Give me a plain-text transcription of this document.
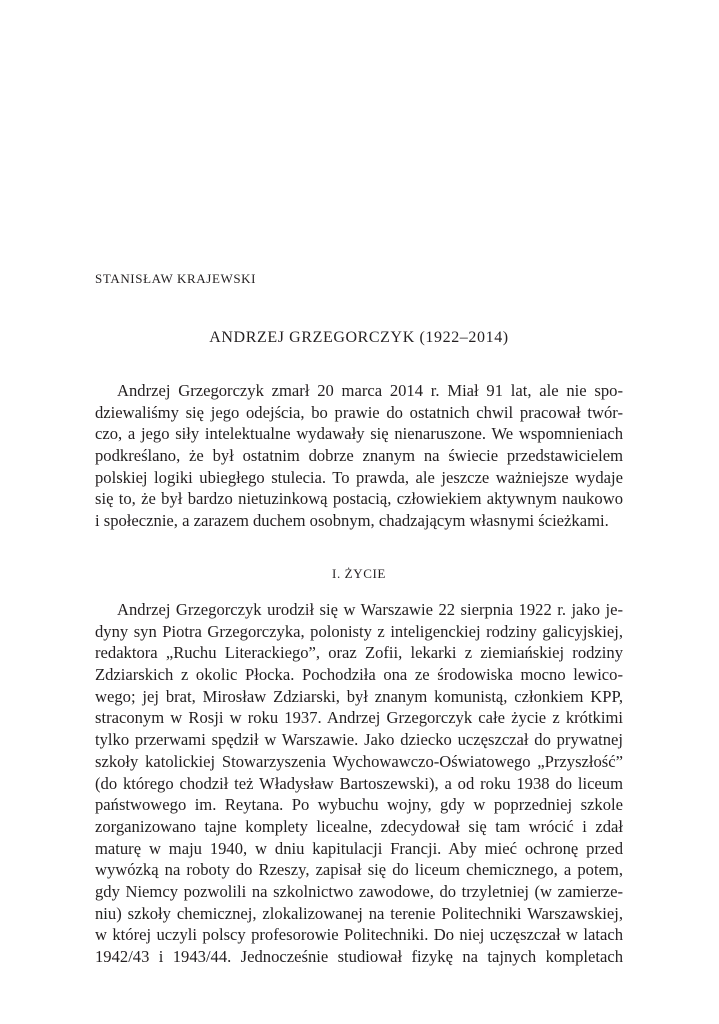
STANISŁAW KRAJEWSKI
ANDRZEJ GRZEGORCZYK (1922–2014)
Andrzej Grzegorczyk zmarł 20 marca 2014 r. Miał 91 lat, ale nie spo-
dziewaliśmy się jego odejścia, bo prawie do ostatnich chwil pracował twór-
czo, a jego siły intelektualne wydawały się nienaruszone. We wspomnieniach
podkreślano, że był ostatnim dobrze znanym na świecie przedstawicielem
polskiej logiki ubiegłego stulecia. To prawda, ale jeszcze ważniejsze wydaje
się to, że był bardzo nietuzinkową postacią, człowiekiem aktywnym naukowo
i społecznie, a zarazem duchem osobnym, chadzającym własnymi ścieżkami.
I. ŻYCIE
Andrzej Grzegorczyk urodził się w Warszawie 22 sierpnia 1922 r. jako je-
dyny syn Piotra Grzegorczyka, polonisty z inteligenckiej rodziny galicyjskiej,
redaktora „Ruchu Literackiego”, oraz Zofii, lekarki z ziemiańskiej rodziny
Zdziarskich z okolic Płocka. Pochodziła ona ze środowiska mocno lewico-
wego; jej brat, Mirosław Zdziarski, był znanym komunistą, członkiem KPP,
straconym w Rosji w roku 1937. Andrzej Grzegorczyk całe życie z krótkimi
tylko przerwami spędził w Warszawie. Jako dziecko uczęszczał do prywatnej
szkoły katolickiej Stowarzyszenia Wychowawczo-Oświatowego „Przyszłość”
(do którego chodził też Władysław Bartoszewski), a od roku 1938 do liceum
państwowego im. Reytana. Po wybuchu wojny, gdy w poprzedniej szkole
zorganizowano tajne komplety licealne, zdecydował się tam wrócić i zdał
maturę w maju 1940, w dniu kapitulacji Francji. Aby mieć ochronę przed
wywózką na roboty do Rzeszy, zapisał się do liceum chemicznego, a potem,
gdy Niemcy pozwolili na szkolnictwo zawodowe, do trzyletniej (w zamierze-
niu) szkoły chemicznej, zlokalizowanej na terenie Politechniki Warszawskiej,
w której uczyli polscy profesorowie Politechniki. Do niej uczęszczał w latach
1942/43 i 1943/44. Jednocześnie studiował fizykę na tajnych kompletach
